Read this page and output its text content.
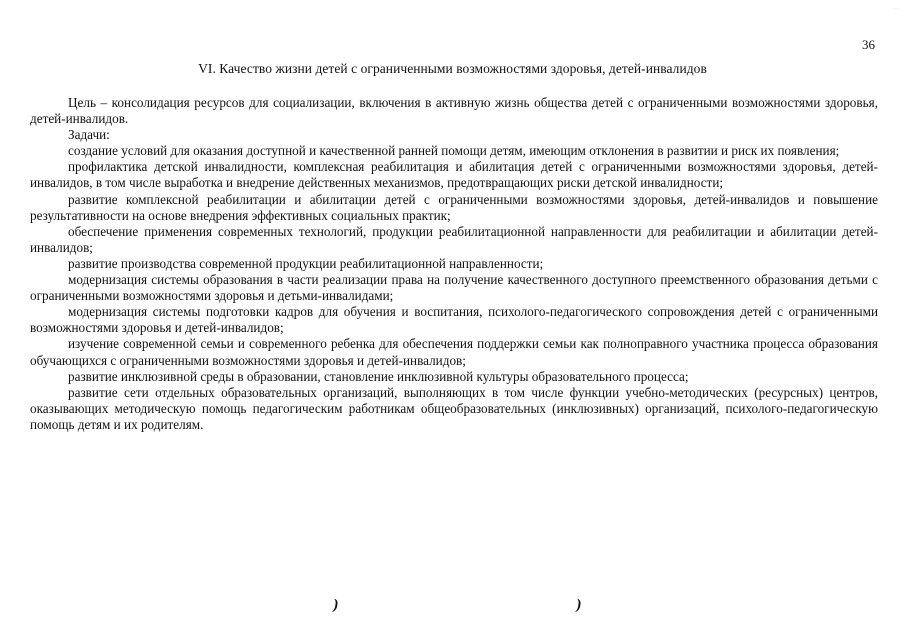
· ·
36
VI. Качество жизни детей с ограниченными возможностями здоровья, детей-инвалидов

Цель – консолидация ресурсов для социализации, включения в активную жизнь общества детей с ограниченными возможностями здоровья, детей-инвалидов.

Задачи:

создание условий для оказания доступной и качественной ранней помощи детям, имеющим отклонения в развитии и риск их появления;

профилактика детской инвалидности, комплексная реабилитация и абилитация детей с ограниченными возможностями здоровья, детей-инвалидов, в том числе выработка и внедрение действенных механизмов, предотвращающих риски детской инвалидности;

развитие комплексной реабилитации и абилитации детей с ограниченными возможностями здоровья, детей-инвалидов и повышение результативности на основе внедрения эффективных социальных практик;

обеспечение применения современных технологий, продукции реабилитационной направленности для реабилитации и абилитации детей-инвалидов;

развитие производства современной продукции реабилитационной направленности;

модернизация системы образования в части реализации права на получение качественного доступного преемственного образования детьми с ограниченными возможностями здоровья и детьми-инвалидами;

модернизация системы подготовки кадров для обучения и воспитания, психолого-педагогического сопровождения детей с ограниченными возможностями здоровья и детей-инвалидов;

изучение современной семьи и современного ребенка для обеспечения поддержки семьи как полноправного участника процесса образования обучающихся с ограниченными возможностями здоровья и детей-инвалидов;

развитие инклюзивной среды в образовании, становление инклюзивной культуры образовательного процесса;

развитие сети отдельных образовательных организаций, выполняющих в том числе функции учебно-методических (ресурсных) центров, оказывающих методическую помощь педагогическим работникам общеобразовательных (инклюзивных) организаций, психолого-педагогическую помощь детям и их родителям.

)	)
